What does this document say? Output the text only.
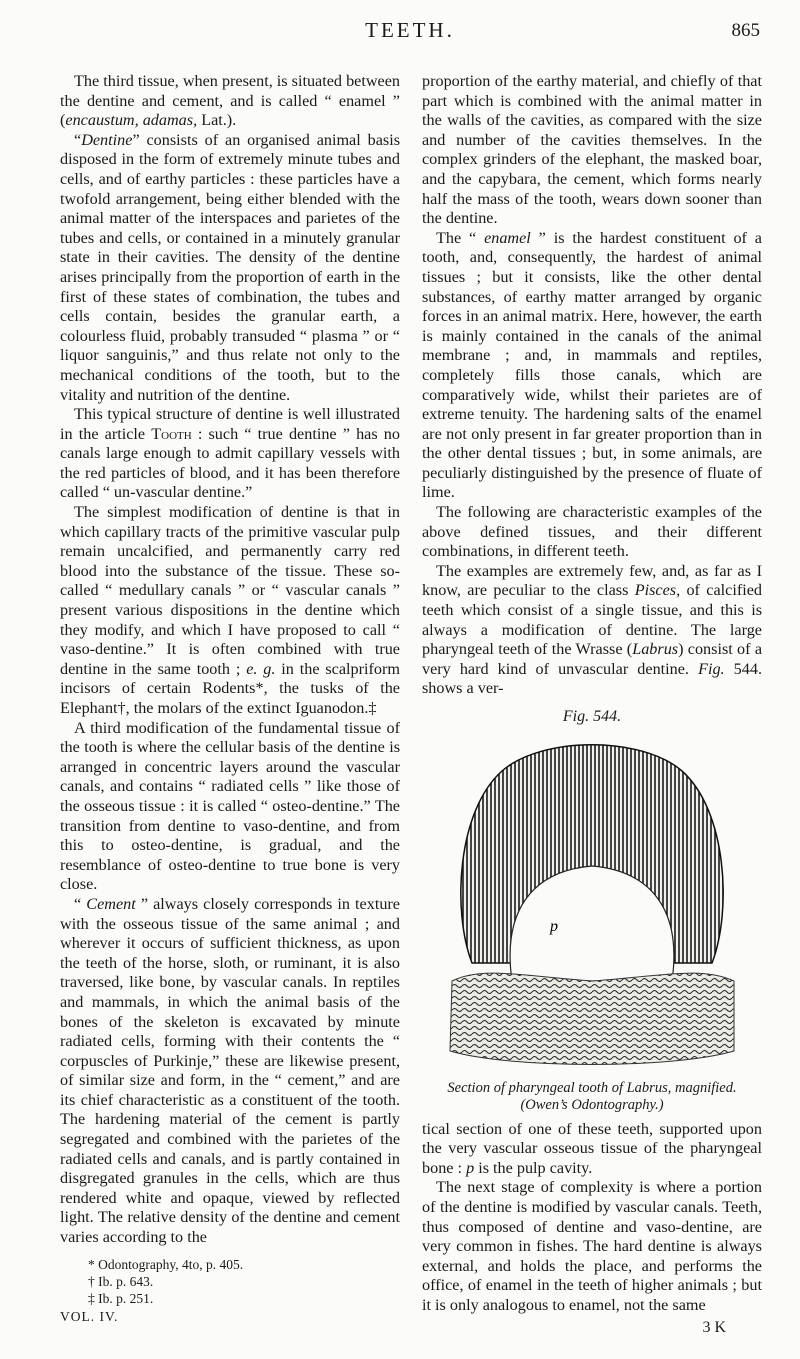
TEETH.	865

The third tissue, when present, is situated between the dentine and cement, and is called “ enamel ” (encaustum, adamas, Lat.).

“Dentine” consists of an organised animal basis disposed in the form of extremely minute tubes and cells, and of earthy particles : these particles have a twofold arrangement, being either blended with the animal matter of the interspaces and parietes of the tubes and cells, or contained in a minutely granular state in their cavities. The density of the dentine arises principally from the proportion of earth in the first of these states of combination, the tubes and cells contain, besides the granular earth, a colourless fluid, probably transuded “ plasma ” or “ liquor sanguinis,” and thus relate not only to the mechanical conditions of the tooth, but to the vitality and nutrition of the dentine.

This typical structure of dentine is well illustrated in the article Tooth : such “ true dentine ” has no canals large enough to admit capillary vessels with the red particles of blood, and it has been therefore called “ un-vascular dentine.”

The simplest modification of dentine is that in which capillary tracts of the primitive vascular pulp remain uncalcified, and permanently carry red blood into the substance of the tissue. These so-called “ medullary canals ” or “ vascular canals ” present various dispositions in the dentine which they modify, and which I have proposed to call “ vaso-dentine.” It is often combined with true dentine in the same tooth ; e. g. in the scalpriform incisors of certain Rodents*, the tusks of the Elephant†, the molars of the extinct Iguanodon.‡

A third modification of the fundamental tissue of the tooth is where the cellular basis of the dentine is arranged in concentric layers around the vascular canals, and contains “ radiated cells ” like those of the osseous tissue : it is called “ osteo-dentine.” The transition from dentine to vaso-dentine, and from this to osteo-dentine, is gradual, and the resemblance of osteo-dentine to true bone is very close.

“ Cement ” always closely corresponds in texture with the osseous tissue of the same animal ; and wherever it occurs of sufficient thickness, as upon the teeth of the horse, sloth, or ruminant, it is also traversed, like bone, by vascular canals. In reptiles and mammals, in which the animal basis of the bones of the skeleton is excavated by minute radiated cells, forming with their contents the “ corpuscles of Purkinje,” these are likewise present, of similar size and form, in the “ cement,” and are its chief characteristic as a constituent of the tooth. The hardening material of the cement is partly segregated and combined with the parietes of the radiated cells and canals, and is partly contained in disgregated granules in the cells, which are thus rendered white and opaque, viewed by reflected light. The relative density of the dentine and cement varies according to the

* Odontography, 4to, p. 405.
† Ib. p. 643.
‡ Ib. p. 251.
VOL. IV.

proportion of the earthy material, and chiefly of that part which is combined with the animal matter in the walls of the cavities, as compared with the size and number of the cavities themselves. In the complex grinders of the elephant, the masked boar, and the capybara, the cement, which forms nearly half the mass of the tooth, wears down sooner than the dentine.

The “ enamel ” is the hardest constituent of a tooth, and, consequently, the hardest of animal tissues ; but it consists, like the other dental substances, of earthy matter arranged by organic forces in an animal matrix. Here, however, the earth is mainly contained in the canals of the animal membrane ; and, in mammals and reptiles, completely fills those canals, which are comparatively wide, whilst their parietes are of extreme tenuity. The hardening salts of the enamel are not only present in far greater proportion than in the other dental tissues ; but, in some animals, are peculiarly distinguished by the presence of fluate of lime.

The following are characteristic examples of the above defined tissues, and their different combinations, in different teeth.

The examples are extremely few, and, as far as I know, are peculiar to the class Pisces, of calcified teeth which consist of a single tissue, and this is always a modification of dentine. The large pharyngeal teeth of the Wrasse (Labrus) consist of a very hard kind of unvascular dentine. Fig. 544. shows a ver-

Fig. 544.
p
Section of pharyngeal tooth of Labrus, magnified.
(Owen’s Odontography.)

tical section of one of these teeth, supported upon the very vascular osseous tissue of the pharyngeal bone : p is the pulp cavity.

The next stage of complexity is where a portion of the dentine is modified by vascular canals. Teeth, thus composed of dentine and vaso-dentine, are very common in fishes. The hard dentine is always external, and holds the place, and performs the office, of enamel in the teeth of higher animals ; but it is only analogous to enamel, not the same

3 K
